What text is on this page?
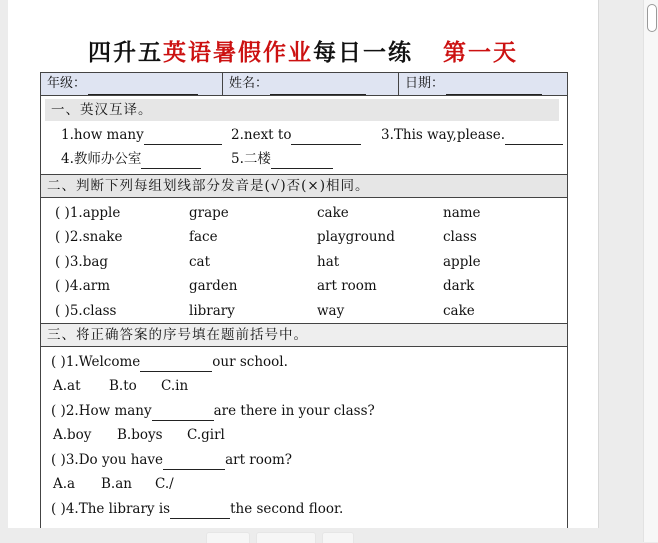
四升五英语暑假作业每日一练 第一天
年级：	姓名：	日期：
一、英汉互译。
1.how many	2.next to	3.This way,please.
4.教师办公室	5.二楼
二、判断下列每组划线部分发音是(√)否(×)相同。
( )1.apple	grape	cake	name
( )2.snake	face	playground	class
( )3.bag	cat	hat	apple
( )4.arm	garden	art room	dark
( )5.class	library	way	cake
三、将正确答案的序号填在题前括号中。
( )1.Welcome	our school.
A.at B.to C.in
( )2.How many	are there in your class?
A.boy B.boys C.girl
( )3.Do you have	art room?
A.a B.an C./
( )4.The library is	the second floor.
